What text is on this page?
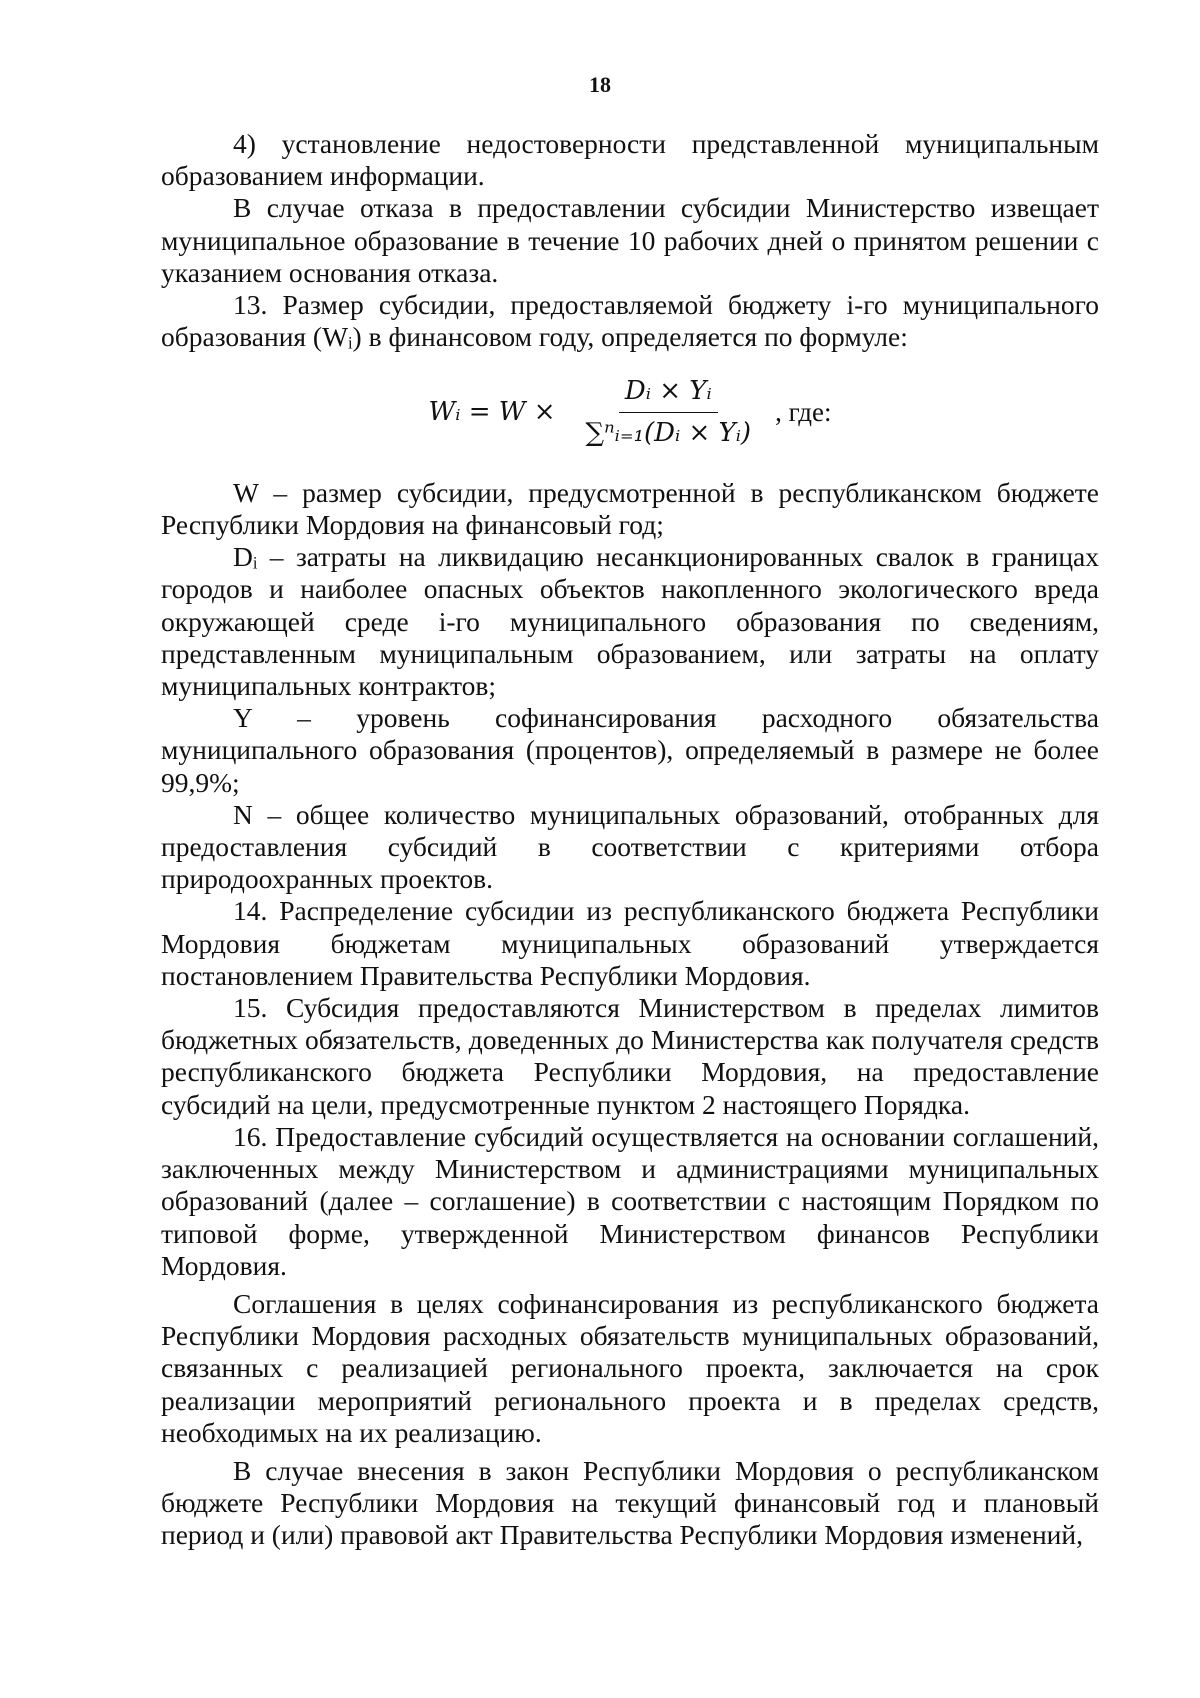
18

4) установление недостоверности представленной муниципальным образованием информации.

В случае отказа в предоставлении субсидии Министерство извещает муниципальное образование в течение 10 рабочих дней о принятом решении с указанием основания отказа.

13. Размер субсидии, предоставляемой бюджету i-го муниципального образования (Wᵢ) в финансовом году, определяется по формуле:

Wᵢ = $W \times \frac{\text{Dᵢ × Yᵢ}}{\text{∑ⁿᵢ₌₁(Dᵢ × Yᵢ)}}$ , где:

W – размер субсидии, предусмотренной в республиканском бюджете Республики Мордовия на финансовый год;

Dᵢ – затраты на ликвидацию несанкционированных свалок в границах городов и наиболее опасных объектов накопленного экологического вреда окружающей среде i-го муниципального образования по сведениям, представленным муниципальным образованием, или затраты на оплату муниципальных контрактов;

Y – уровень софинансирования расходного обязательства муниципального образования (процентов), определяемый в размере не более 99,9%;

N – общее количество муниципальных образований, отобранных для предоставления субсидий в соответствии с критериями отбора природоохранных проектов.

14. Распределение субсидии из республиканского бюджета Республики Мордовия бюджетам муниципальных образований утверждается постановлением Правительства Республики Мордовия.

15. Субсидия предоставляются Министерством в пределах лимитов бюджетных обязательств, доведенных до Министерства как получателя средств республиканского бюджета Республики Мордовия, на предоставление субсидий на цели, предусмотренные пунктом 2 настоящего Порядка.

16. Предоставление субсидий осуществляется на основании соглашений, заключенных между Министерством и администрациями муниципальных образований (далее – соглашение) в соответствии с настоящим Порядком по типовой форме, утвержденной Министерством финансов Республики Мордовия.

Соглашения в целях софинансирования из республиканского бюджета Республики Мордовия расходных обязательств муниципальных образований, связанных с реализацией регионального проекта, заключается на срок реализации мероприятий регионального проекта и в пределах средств, необходимых на их реализацию.

В случае внесения в закон Республики Мордовия о республиканском бюджете Республики Мордовия на текущий финансовый год и плановый период и (или) правовой акт Правительства Республики Мордовия изменений,
